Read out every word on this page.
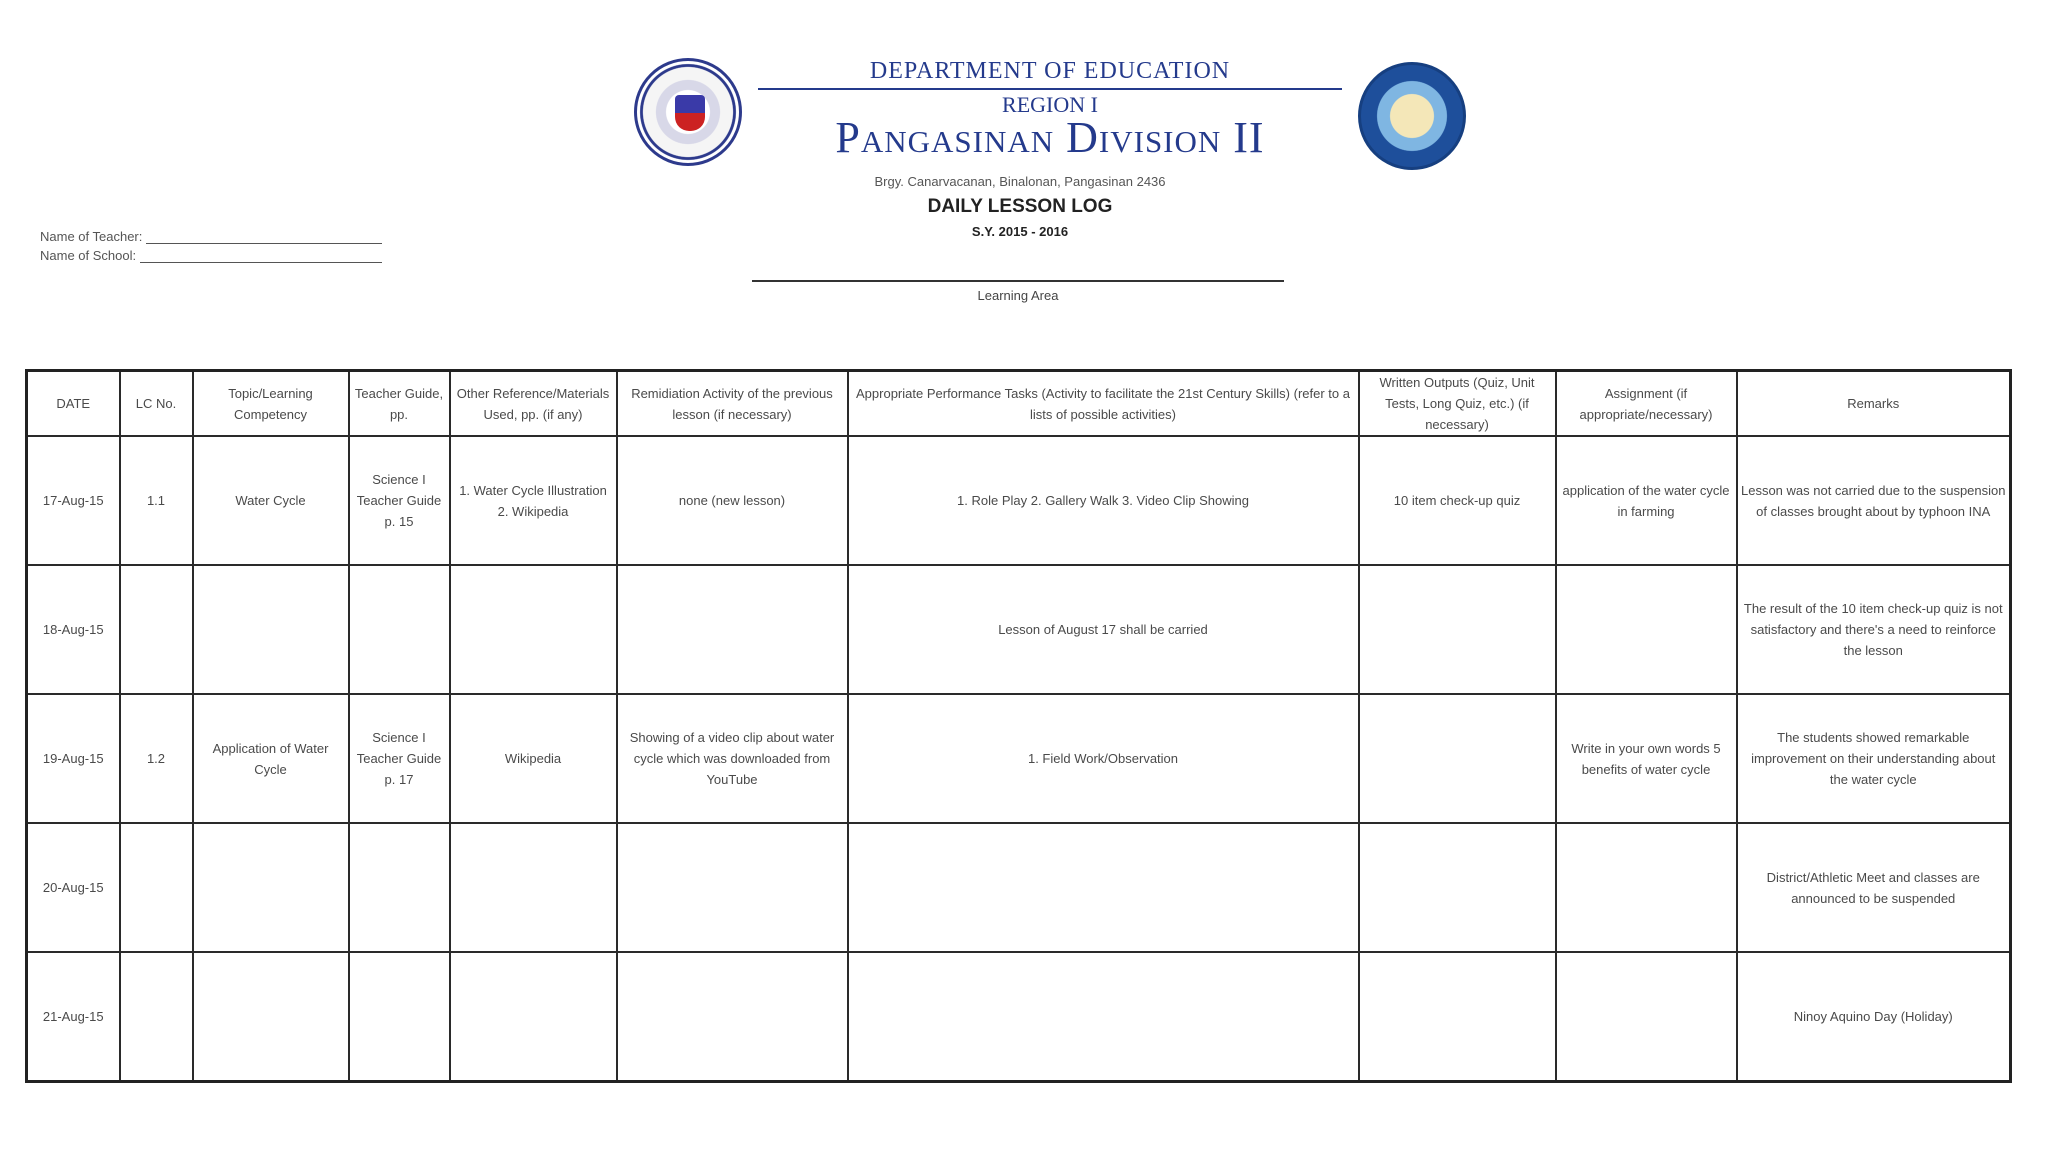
DEPARTMENT OF EDUCATION
REGION I
Pangasinan Division II
Brgy. Canarvacanan, Binalonan, Pangasinan 2436
DAILY LESSON LOG
S.Y. 2015 - 2016
Learning Area
Name of Teacher:
Name of School:
DATE	LC No.	Topic/Learning Competency	Teacher Guide, pp.	Other Reference/Materials Used, pp. (if any)	Remidiation Activity of the previous lesson (if necessary)	Appropriate Performance Tasks (Activity to facilitate the 21st Century Skills) (refer to a lists of possible activities)	Written Outputs (Quiz, Unit Tests, Long Quiz, etc.) (if necessary)	Assignment (if appropriate/necessary)	Remarks
17-Aug-15	1.1	Water Cycle	Science I Teacher Guide p. 15	1. Water Cycle Illustration 2. Wikipedia	none (new lesson)	1. Role Play 2. Gallery Walk 3. Video Clip Showing	10 item check-up quiz	application of the water cycle in farming	Lesson was not carried due to the suspension of classes brought about by typhoon INA
18-Aug-15						Lesson of August 17 shall be carried			The result of the 10 item check-up quiz is not satisfactory and there's a need to reinforce the lesson
19-Aug-15	1.2	Application of Water Cycle	Science I Teacher Guide p. 17	Wikipedia	Showing of a video clip about water cycle which was downloaded from YouTube	1. Field Work/Observation		Write in your own words 5 benefits of water cycle	The students showed remarkable improvement on their understanding about the water cycle
20-Aug-15									District/Athletic Meet and classes are announced to be suspended
21-Aug-15									Ninoy Aquino Day (Holiday)
